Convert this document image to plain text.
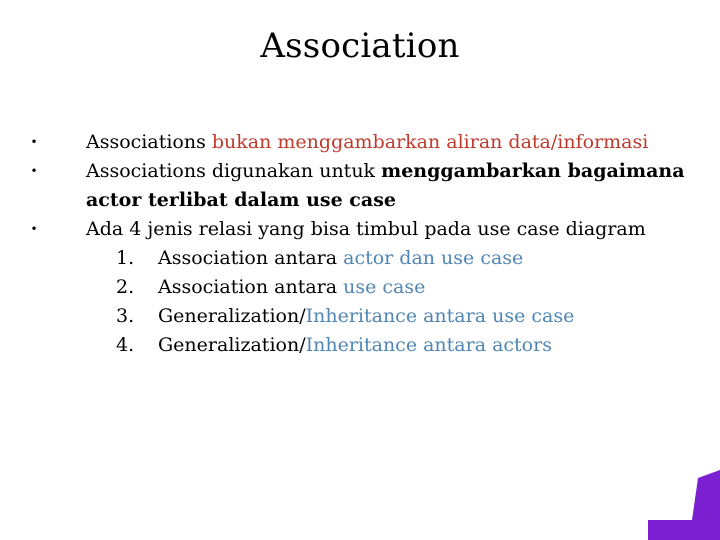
Association
•	Associations bukan menggambarkan aliran data/informasi
•	Associations digunakan untuk menggambarkan bagaimana actor terlibat dalam use case
•	Ada 4 jenis relasi yang bisa timbul pada use case diagram
1. Association antara actor dan use case
2. Association antara use case
3. Generalization/Inheritance antara use case
4. Generalization/Inheritance antara actors
